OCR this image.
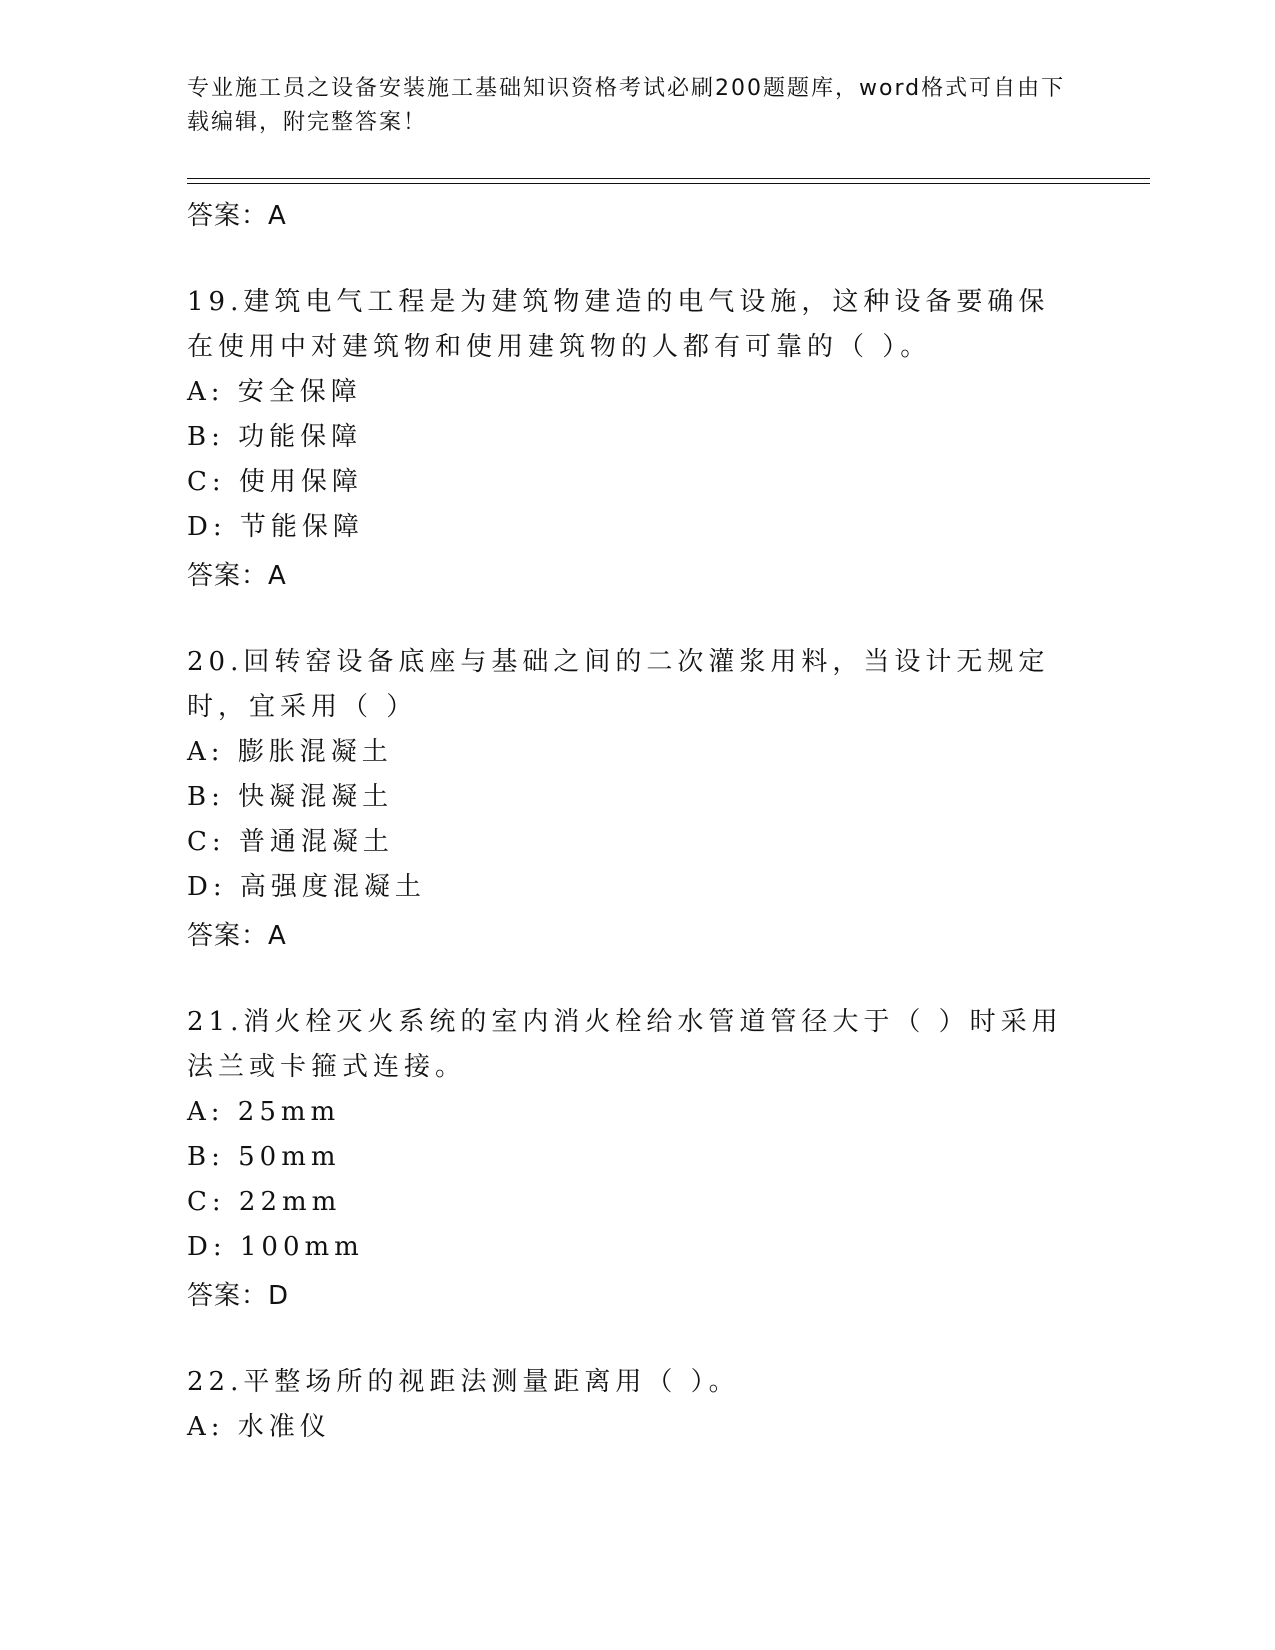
专业施工员之设备安装施工基础知识资格考试必刷200题题库，word格式可自由下载编辑，附完整答案！
答案：A
19.建筑电气工程是为建筑物建造的电气设施，这种设备要确保在使用中对建筑物和使用建筑物的人都有可靠的（ ）。
A: 安全保障
B: 功能保障
C: 使用保障
D: 节能保障
答案：A
20.回转窑设备底座与基础之间的二次灌浆用料，当设计无规定时，宜采用（ ）
A: 膨胀混凝土
B: 快凝混凝土
C: 普通混凝土
D: 高强度混凝土
答案：A
21.消火栓灭火系统的室内消火栓给水管道管径大于（ ）时采用法兰或卡箍式连接。
A: 25mm
B: 50mm
C: 22mm
D: 100mm
答案：D
22.平整场所的视距法测量距离用（ ）。
A: 水准仪
